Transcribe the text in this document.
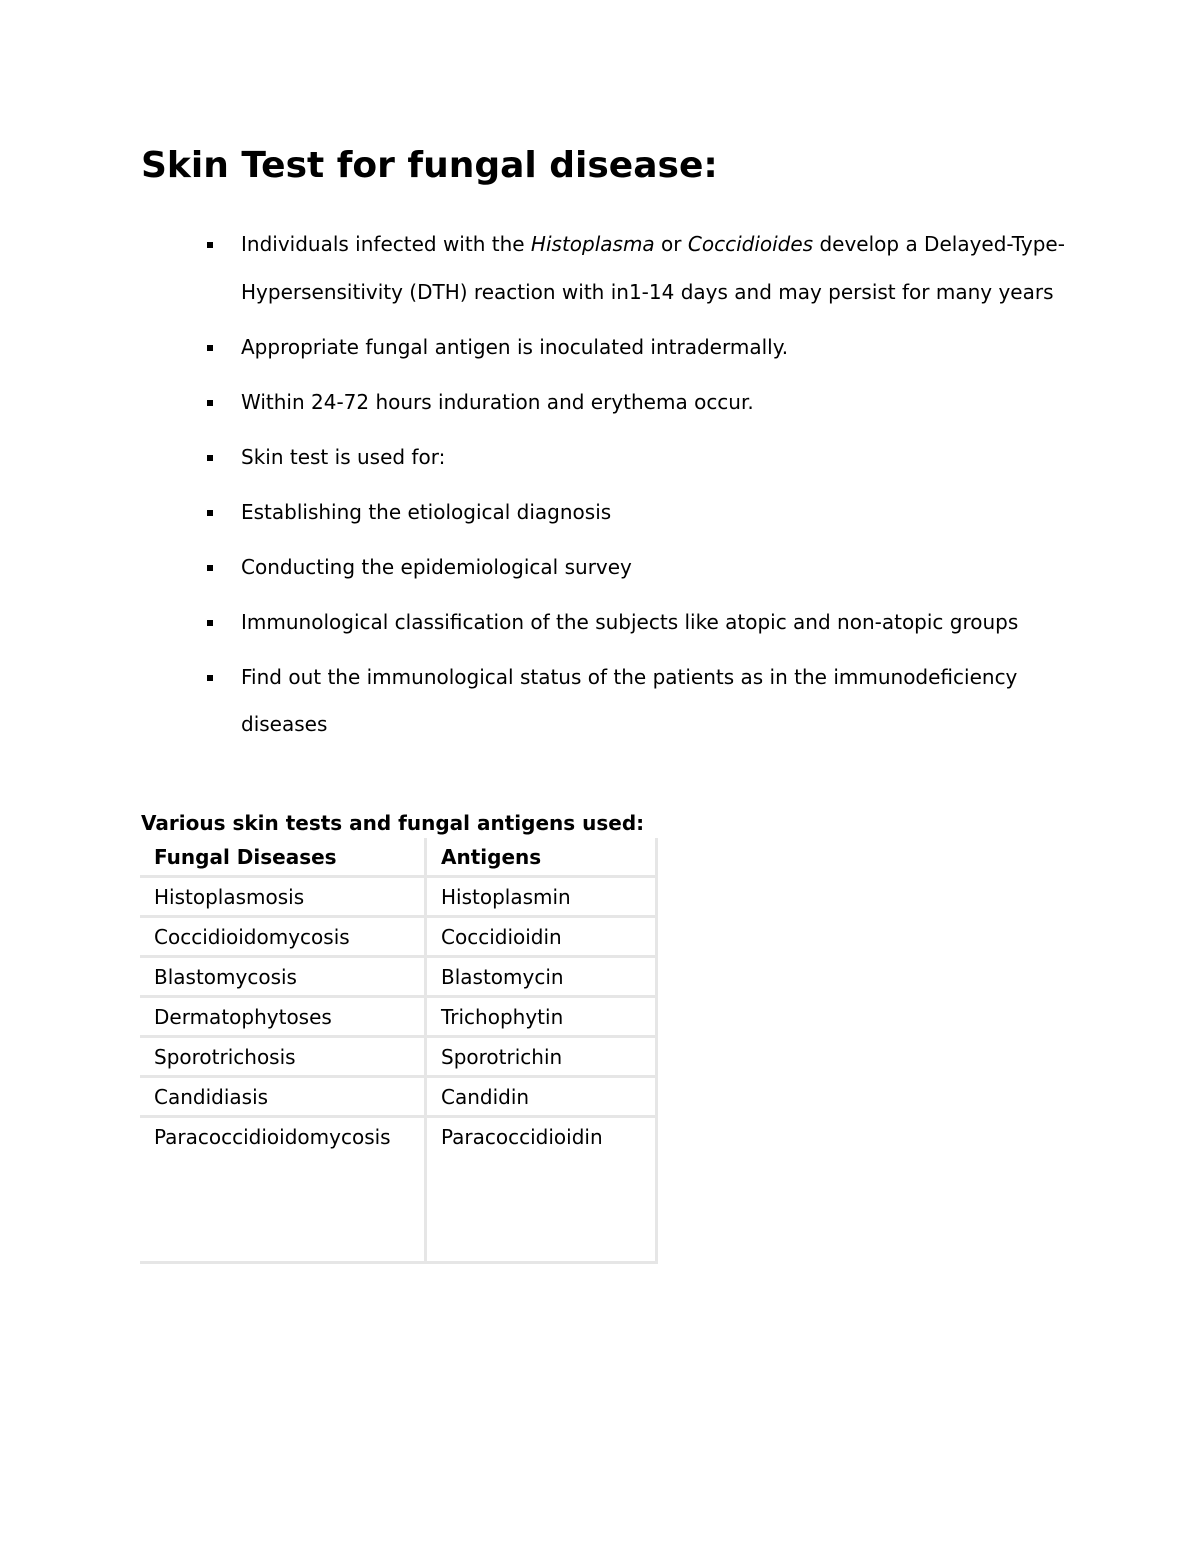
Skin Test for fungal disease:
Individuals infected with the Histoplasma or Coccidioides develop a Delayed-Type-Hypersensitivity (DTH) reaction with in1-14 days and may persist for many years
Appropriate fungal antigen is inoculated intradermally.
Within 24-72 hours induration and erythema occur.
Skin test is used for:
Establishing the etiological diagnosis
Conducting the epidemiological survey
Immunological classification of the subjects like atopic and non-atopic groups
Find out the immunological status of the patients as in the immunodeficiency diseases
Various skin tests and fungal antigens used:
Fungal Diseases	Antigens
Histoplasmosis	Histoplasmin
Coccidioidomycosis	Coccidioidin
Blastomycosis	Blastomycin
Dermatophytoses	Trichophytin
Sporotrichosis	Sporotrichin
Candidiasis	Candidin
Paracoccidioidomycosis	Paracoccidioidin
